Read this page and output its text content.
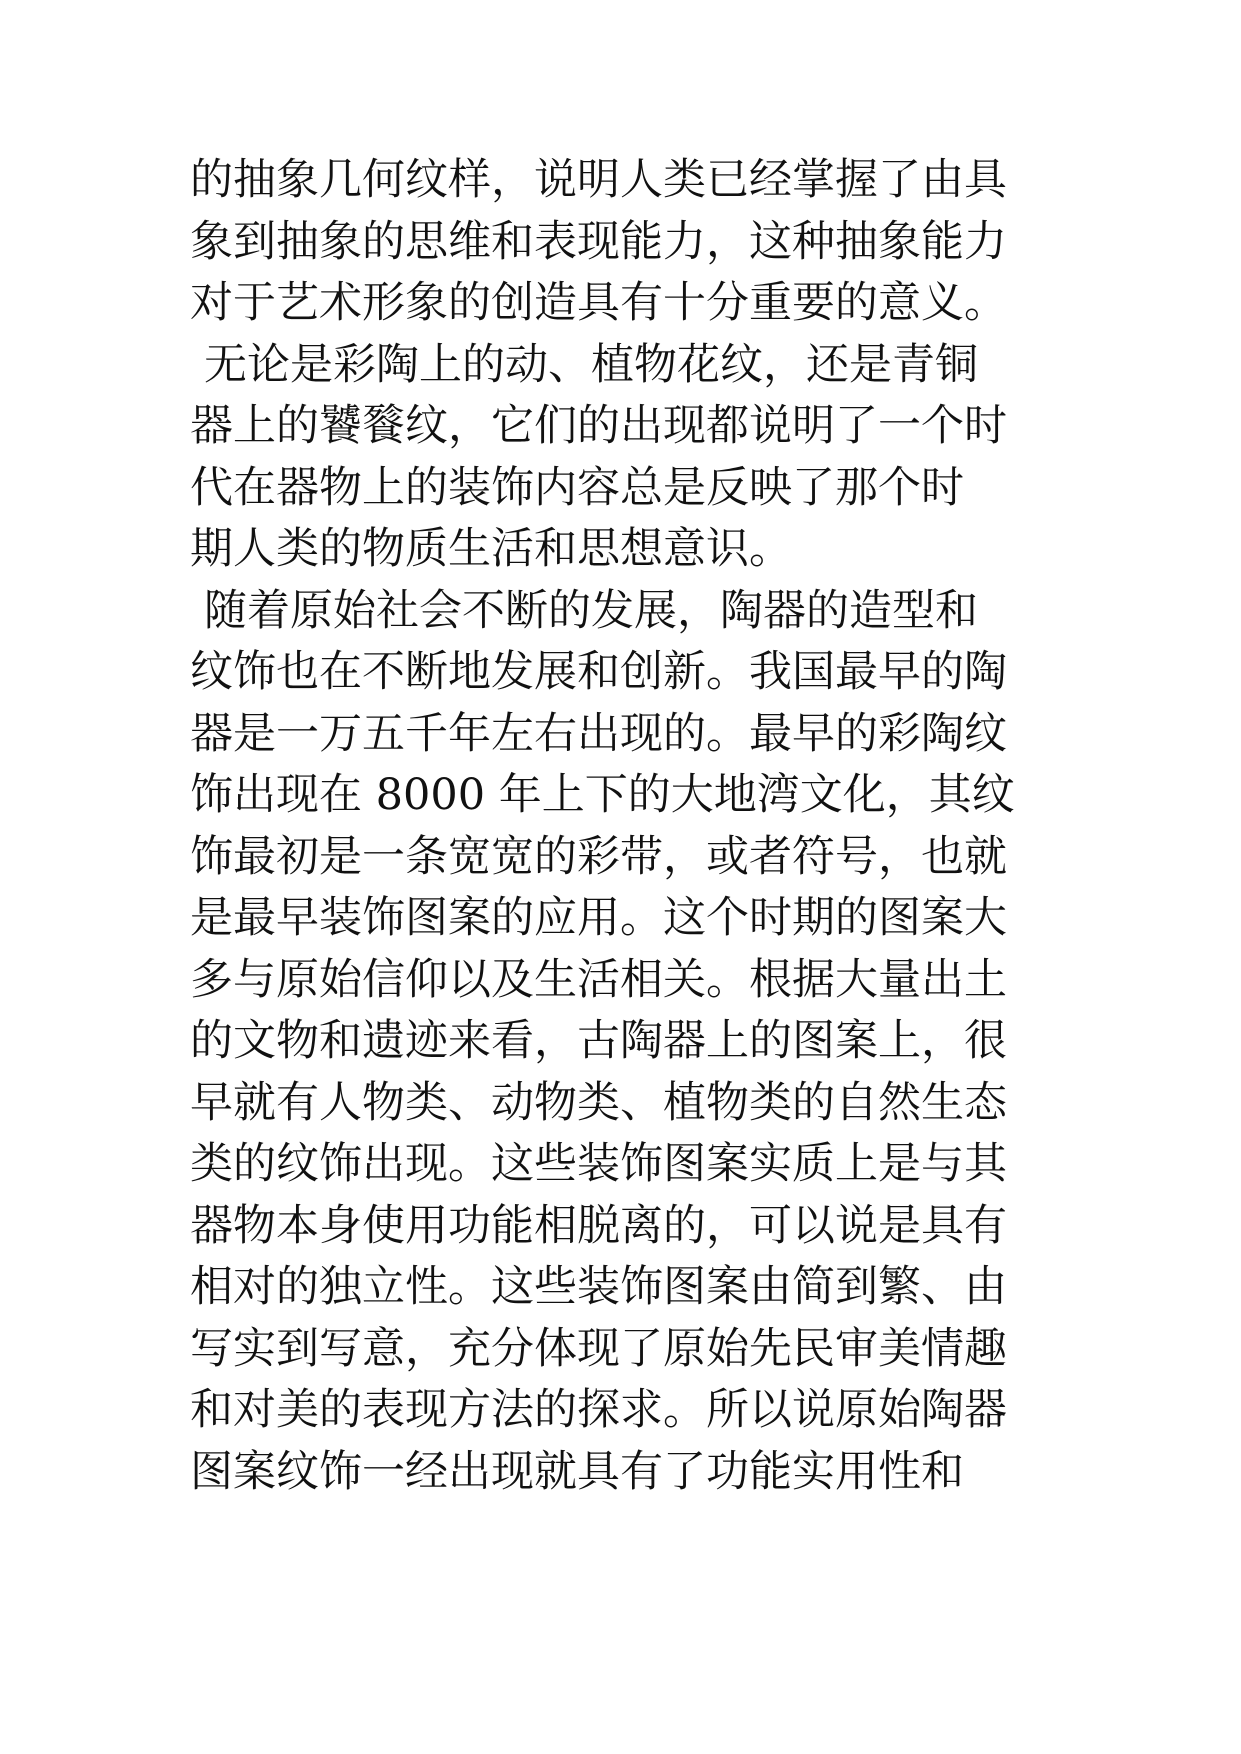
的抽象几何纹样，说明人类已经掌握了由具
象到抽象的思维和表现能力，这种抽象能力
对于艺术形象的创造具有十分重要的意义。
无论是彩陶上的动、植物花纹，还是青铜
器上的饕餮纹，它们的出现都说明了一个时
代在器物上的装饰内容总是反映了那个时
期人类的物质生活和思想意识。
随着原始社会不断的发展，陶器的造型和
纹饰也在不断地发展和创新。我国最早的陶
器是一万五千年左右出现的。最早的彩陶纹
饰出现在 8000 年上下的大地湾文化，其纹
饰最初是一条宽宽的彩带，或者符号，也就
是最早装饰图案的应用。这个时期的图案大
多与原始信仰以及生活相关。根据大量出土
的文物和遗迹来看，古陶器上的图案上，很
早就有人物类、动物类、植物类的自然生态
类的纹饰出现。这些装饰图案实质上是与其
器物本身使用功能相脱离的，可以说是具有
相对的独立性。这些装饰图案由简到繁、由
写实到写意，充分体现了原始先民审美情趣
和对美的表现方法的探求。所以说原始陶器
图案纹饰一经出现就具有了功能实用性和
